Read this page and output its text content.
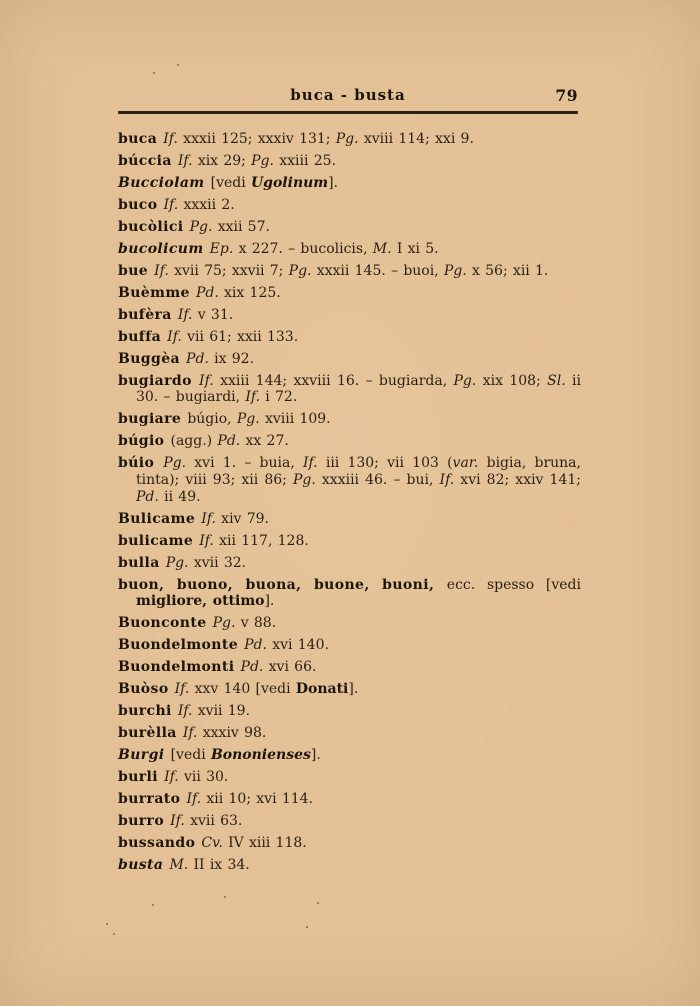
buca - busta	79
buca If. xxxii 125; xxxiv 131; Pg. xviii 114; xxi 9.
búccia If. xix 29; Pg. xxiii 25.
Bucciolam [vedi Ugolinum].
buco If. xxxii 2.
bucòlici Pg. xxii 57.
bucolicum Ep. x 227. – bucolicis, M. I xi 5.
bue If. xvii 75; xxvii 7; Pg. xxxii 145. – buoi, Pg. x 56; xii 1.
Buèmme Pd. xix 125.
bufèra If. v 31.
buffa If. vii 61; xxii 133.
Buggèa Pd. ix 92.
bugiardo If. xxiii 144; xxviii 16. – bugiarda, Pg. xix 108; Sl. ii 30. – bugiardi, If. i 72.
bugiare búgio, Pg. xviii 109.
búgio (agg.) Pd. xx 27.
búio Pg. xvi 1. – buia, If. iii 130; vii 103 (var. bigia, bruna, tinta); viii 93; xii 86; Pg. xxxiii 46. – bui, If. xvi 82; xxiv 141; Pd. ii 49.
Bulicame If. xiv 79.
bulicame If. xii 117, 128.
bulla Pg. xvii 32.
buon, buono, buona, buone, buoni, ecc. spesso [vedi migliore, ottimo].
Buonconte Pg. v 88.
Buondelmonte Pd. xvi 140.
Buondelmonti Pd. xvi 66.
Buòso If. xxv 140 [vedi Donati].
burchi If. xvii 19.
burèlla If. xxxiv 98.
Burgi [vedi Bononienses].
burli If. vii 30.
burrato If. xii 10; xvi 114.
burro If. xvii 63.
bussando Cv. IV xiii 118.
busta M. II ix 34.
